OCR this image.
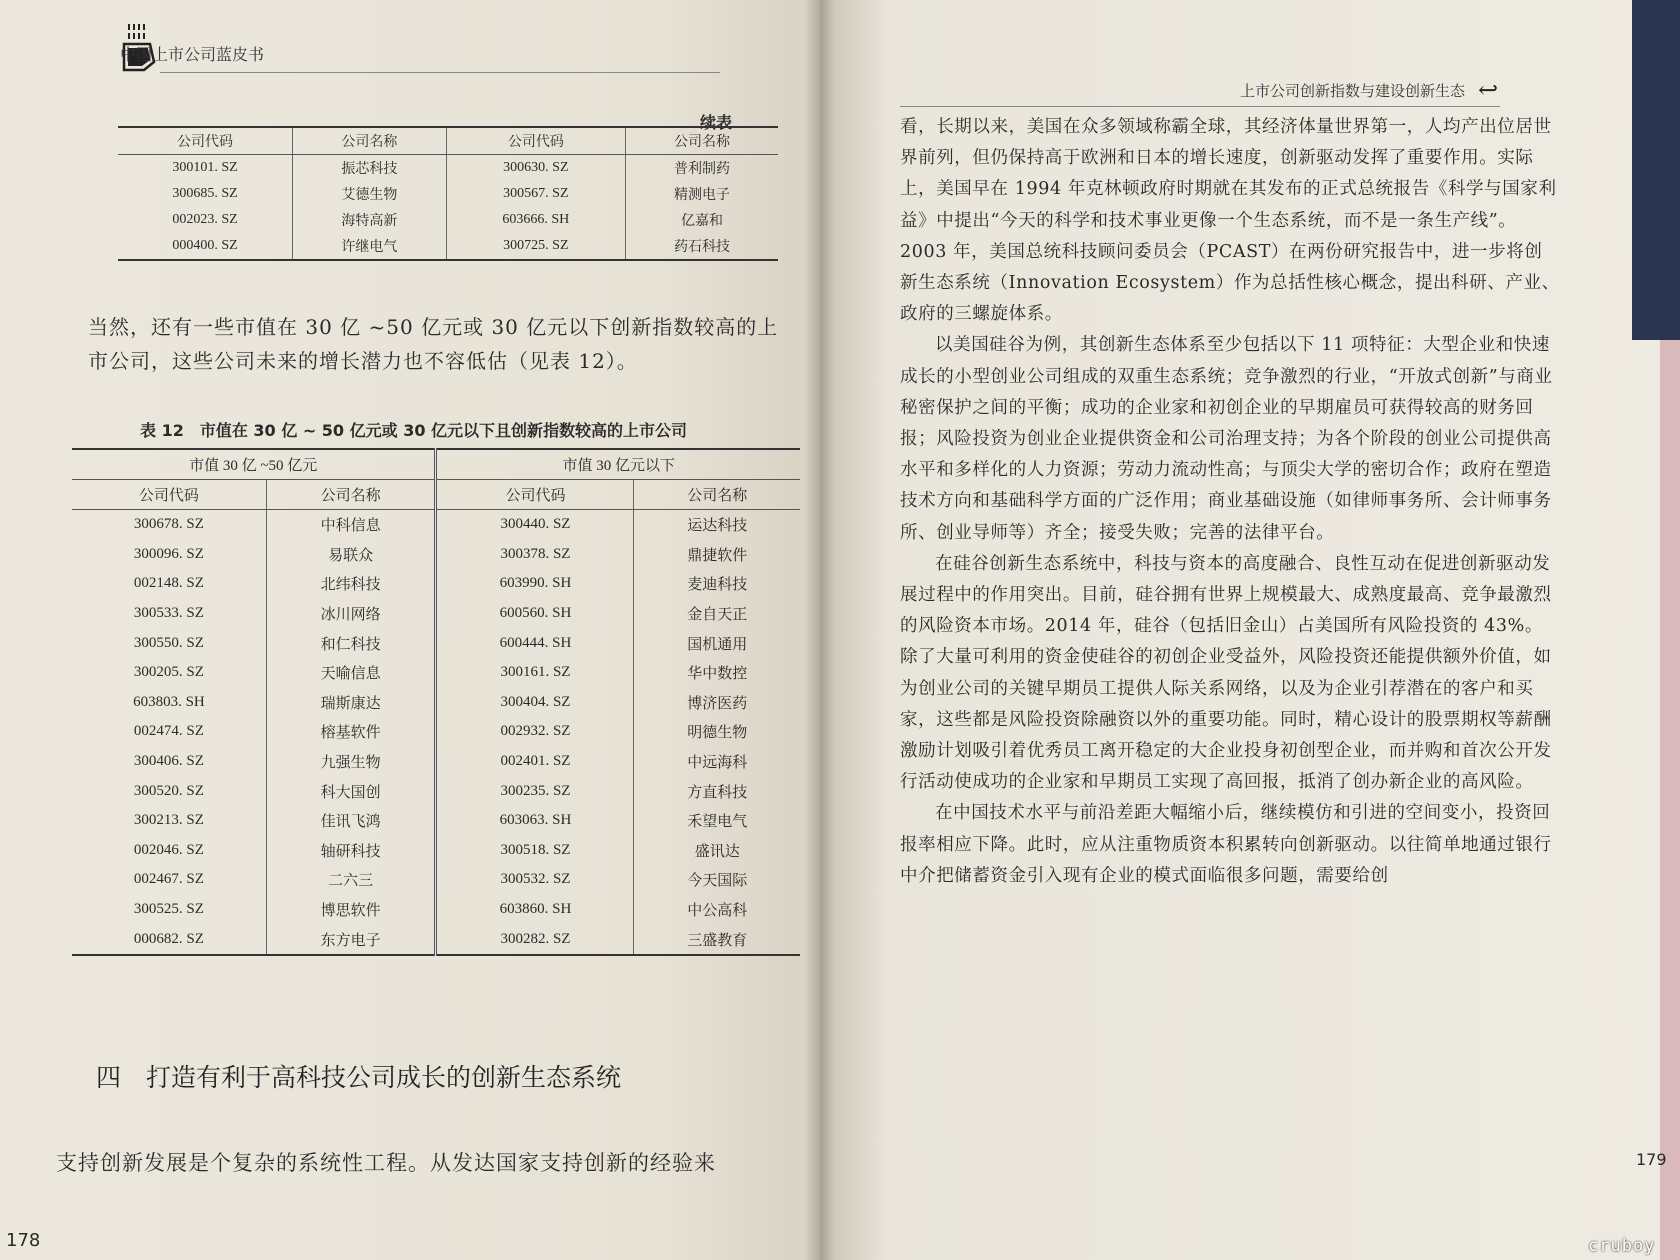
中国上市公司蓝皮书
上市公司创新指数与建设创新生态 ↩
续表
公司代码	公司名称	公司代码	公司名称
300101. SZ	振芯科技	300630. SZ	普利制药
300685. SZ	艾德生物	300567. SZ	精测电子
002023. SZ	海特高新	603666. SH	亿嘉和
000400. SZ	许继电气	300725. SZ	药石科技
当然，还有一些市值在 30 亿 ~50 亿元或 30 亿元以下创新指数较高的上市公司，这些公司未来的增长潜力也不容低估（见表 12）。
表 12　市值在 30 亿 ~ 50 亿元或 30 亿元以下且创新指数较高的上市公司
市值 30 亿 ~50 亿元		市值 30 亿元以下	
公司代码	公司名称	公司代码	公司名称
300678. SZ	中科信息	300440. SZ	运达科技
300096. SZ	易联众	300378. SZ	鼎捷软件
002148. SZ	北纬科技	603990. SH	麦迪科技
300533. SZ	冰川网络	600560. SH	金自天正
300550. SZ	和仁科技	600444. SH	国机通用
300205. SZ	天喻信息	300161. SZ	华中数控
603803. SH	瑞斯康达	300404. SZ	博济医药
002474. SZ	榕基软件	002932. SZ	明德生物
300406. SZ	九强生物	002401. SZ	中远海科
300520. SZ	科大国创	300235. SZ	方直科技
300213. SZ	佳讯飞鸿	603063. SH	禾望电气
002046. SZ	轴研科技	300518. SZ	盛讯达
002467. SZ	二六三	300532. SZ	今天国际
300525. SZ	博思软件	603860. SH	中公高科
000682. SZ	东方电子	300282. SZ	三盛教育
四　打造有利于高科技公司成长的创新生态系统
支持创新发展是个复杂的系统性工程。从发达国家支持创新的经验来
178

看，长期以来，美国在众多领域称霸全球，其经济体量世界第一，人均产出位居世界前列，但仍保持高于欧洲和日本的增长速度，创新驱动发挥了重要作用。实际上，美国早在 1994 年克林顿政府时期就在其发布的正式总统报告《科学与国家利益》中提出“今天的科学和技术事业更像一个生态系统，而不是一条生产线”。2003 年，美国总统科技顾问委员会（PCAST）在两份研究报告中，进一步将创新生态系统（Innovation Ecosystem）作为总括性核心概念，提出科研、产业、政府的三螺旋体系。

以美国硅谷为例，其创新生态体系至少包括以下 11 项特征：大型企业和快速成长的小型创业公司组成的双重生态系统；竞争激烈的行业，“开放式创新”与商业秘密保护之间的平衡；成功的企业家和初创企业的早期雇员可获得较高的财务回报；风险投资为创业企业提供资金和公司治理支持；为各个阶段的创业公司提供高水平和多样化的人力资源；劳动力流动性高；与顶尖大学的密切合作；政府在塑造技术方向和基础科学方面的广泛作用；商业基础设施（如律师事务所、会计师事务所、创业导师等）齐全；接受失败；完善的法律平台。

在硅谷创新生态系统中，科技与资本的高度融合、良性互动在促进创新驱动发展过程中的作用突出。目前，硅谷拥有世界上规模最大、成熟度最高、竞争最激烈的风险资本市场。2014 年，硅谷（包括旧金山）占美国所有风险投资的 43%。除了大量可利用的资金使硅谷的初创企业受益外，风险投资还能提供额外价值，如为创业公司的关键早期员工提供人际关系网络，以及为企业引荐潜在的客户和买家，这些都是风险投资除融资以外的重要功能。同时，精心设计的股票期权等薪酬激励计划吸引着优秀员工离开稳定的大企业投身初创型企业，而并购和首次公开发行活动使成功的企业家和早期员工实现了高回报，抵消了创办新企业的高风险。

在中国技术水平与前沿差距大幅缩小后，继续模仿和引进的空间变小，投资回报率相应下降。此时，应从注重物质资本积累转向创新驱动。以往简单地通过银行中介把储蓄资金引入现有企业的模式面临很多问题，需要给创

179
cruboy
